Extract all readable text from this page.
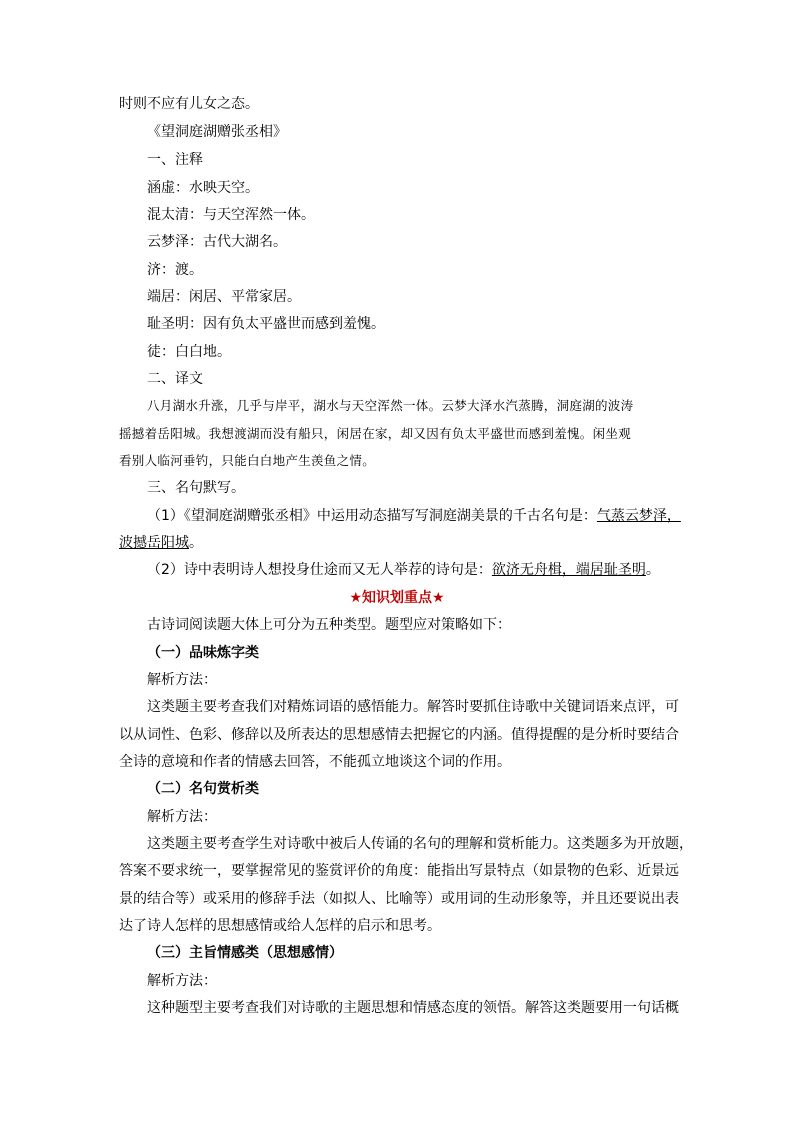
时则不应有儿女之态。
《望洞庭湖赠张丞相》
一、注释
涵虚：水映天空。
混太清：与天空浑然一体。
云梦泽：古代大湖名。
济：渡。
端居：闲居、平常家居。
耻圣明：因有负太平盛世而感到羞愧。
徒：白白地。
二、译文
八月湖水升涨，几乎与岸平，湖水与天空浑然一体。云梦大泽水汽蒸腾，洞庭湖的波涛
摇撼着岳阳城。我想渡湖而没有船只，闲居在家，却又因有负太平盛世而感到羞愧。闲坐观
看别人临河垂钓，只能白白地产生羡鱼之情。
三、名句默写。
（1）《望洞庭湖赠张丞相》中运用动态描写写洞庭湖美景的千古名句是：气蒸云梦泽，
波撼岳阳城。
（2）诗中表明诗人想投身仕途而又无人举荐的诗句是：欲济无舟楫，端居耻圣明。
★知识划重点★
古诗词阅读题大体上可分为五种类型。题型应对策略如下：
（一）品味炼字类
解析方法：
这类题主要考查我们对精炼词语的感悟能力。解答时要抓住诗歌中关键词语来点评，可
以从词性、色彩、修辞以及所表达的思想感情去把握它的内涵。值得提醒的是分析时要结合
全诗的意境和作者的情感去回答，不能孤立地谈这个词的作用。
（二）名句赏析类
解析方法：
这类题主要考查学生对诗歌中被后人传诵的名句的理解和赏析能力。这类题多为开放题，
答案不要求统一，要掌握常见的鉴赏评价的角度：能指出写景特点（如景物的色彩、近景远
景的结合等）或采用的修辞手法（如拟人、比喻等）或用词的生动形象等，并且还要说出表
达了诗人怎样的思想感情或给人怎样的启示和思考。
（三）主旨情感类（思想感情）
解析方法：
这种题型主要考查我们对诗歌的主题思想和情感态度的领悟。解答这类题要用一句话概
